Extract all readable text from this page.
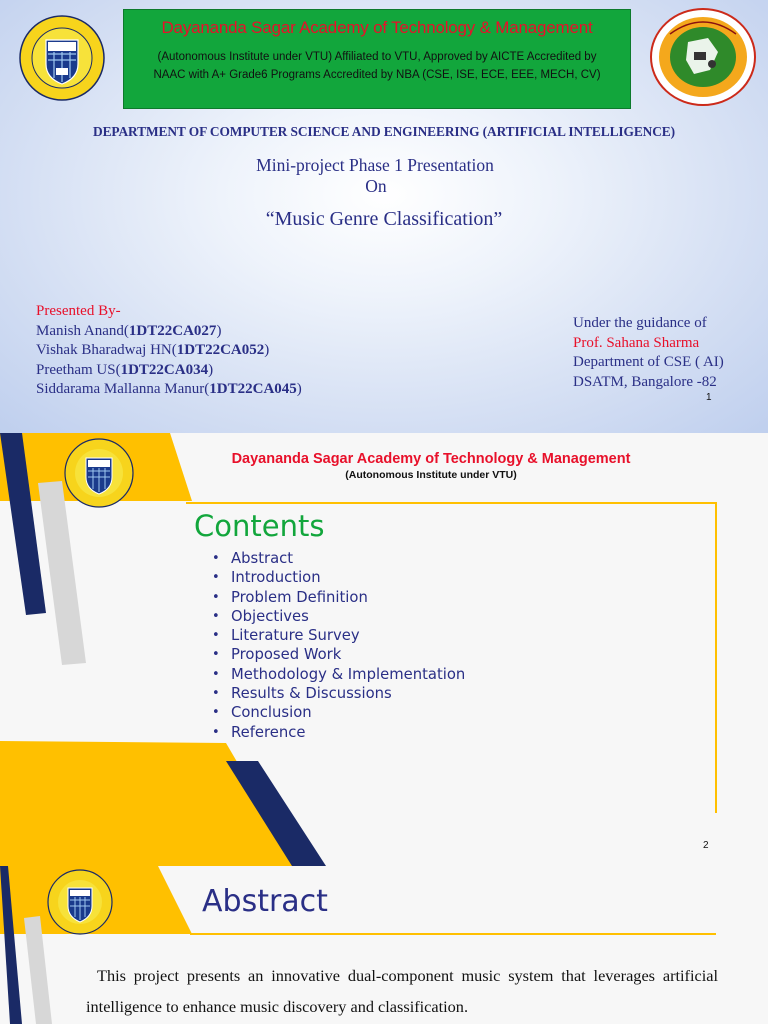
Dayananda Sagar Academy of Technology & Management
(Autonomous Institute under VTU) Affiliated to VTU, Approved by AICTE Accredited by NAAC with A+ Grade6 Programs Accredited by NBA (CSE, ISE, ECE, EEE, MECH, CV)
DEPARTMENT OF COMPUTER SCIENCE AND ENGINEERING (ARTIFICIAL INTELLIGENCE)
Mini-project Phase 1 Presentation
On
“Music Genre Classification”
Presented By-
Manish Anand(1DT22CA027)
Vishak Bharadwaj HN(1DT22CA052)
Preetham US(1DT22CA034)
Siddarama Mallanna Manur(1DT22CA045)
Under the guidance of
Prof. Sahana Sharma
Department of CSE ( AI)
DSATM, Bangalore -82
1
Dayananda Sagar Academy of Technology & Management
(Autonomous Institute under VTU)
Contents
• Abstract
• Introduction
• Problem Definition
• Objectives
• Literature Survey
• Proposed Work
• Methodology & Implementation
• Results & Discussions
• Conclusion
• Reference
2
Abstract
This project presents an innovative dual-component music system that leverages artificial intelligence to enhance music discovery and classification.
